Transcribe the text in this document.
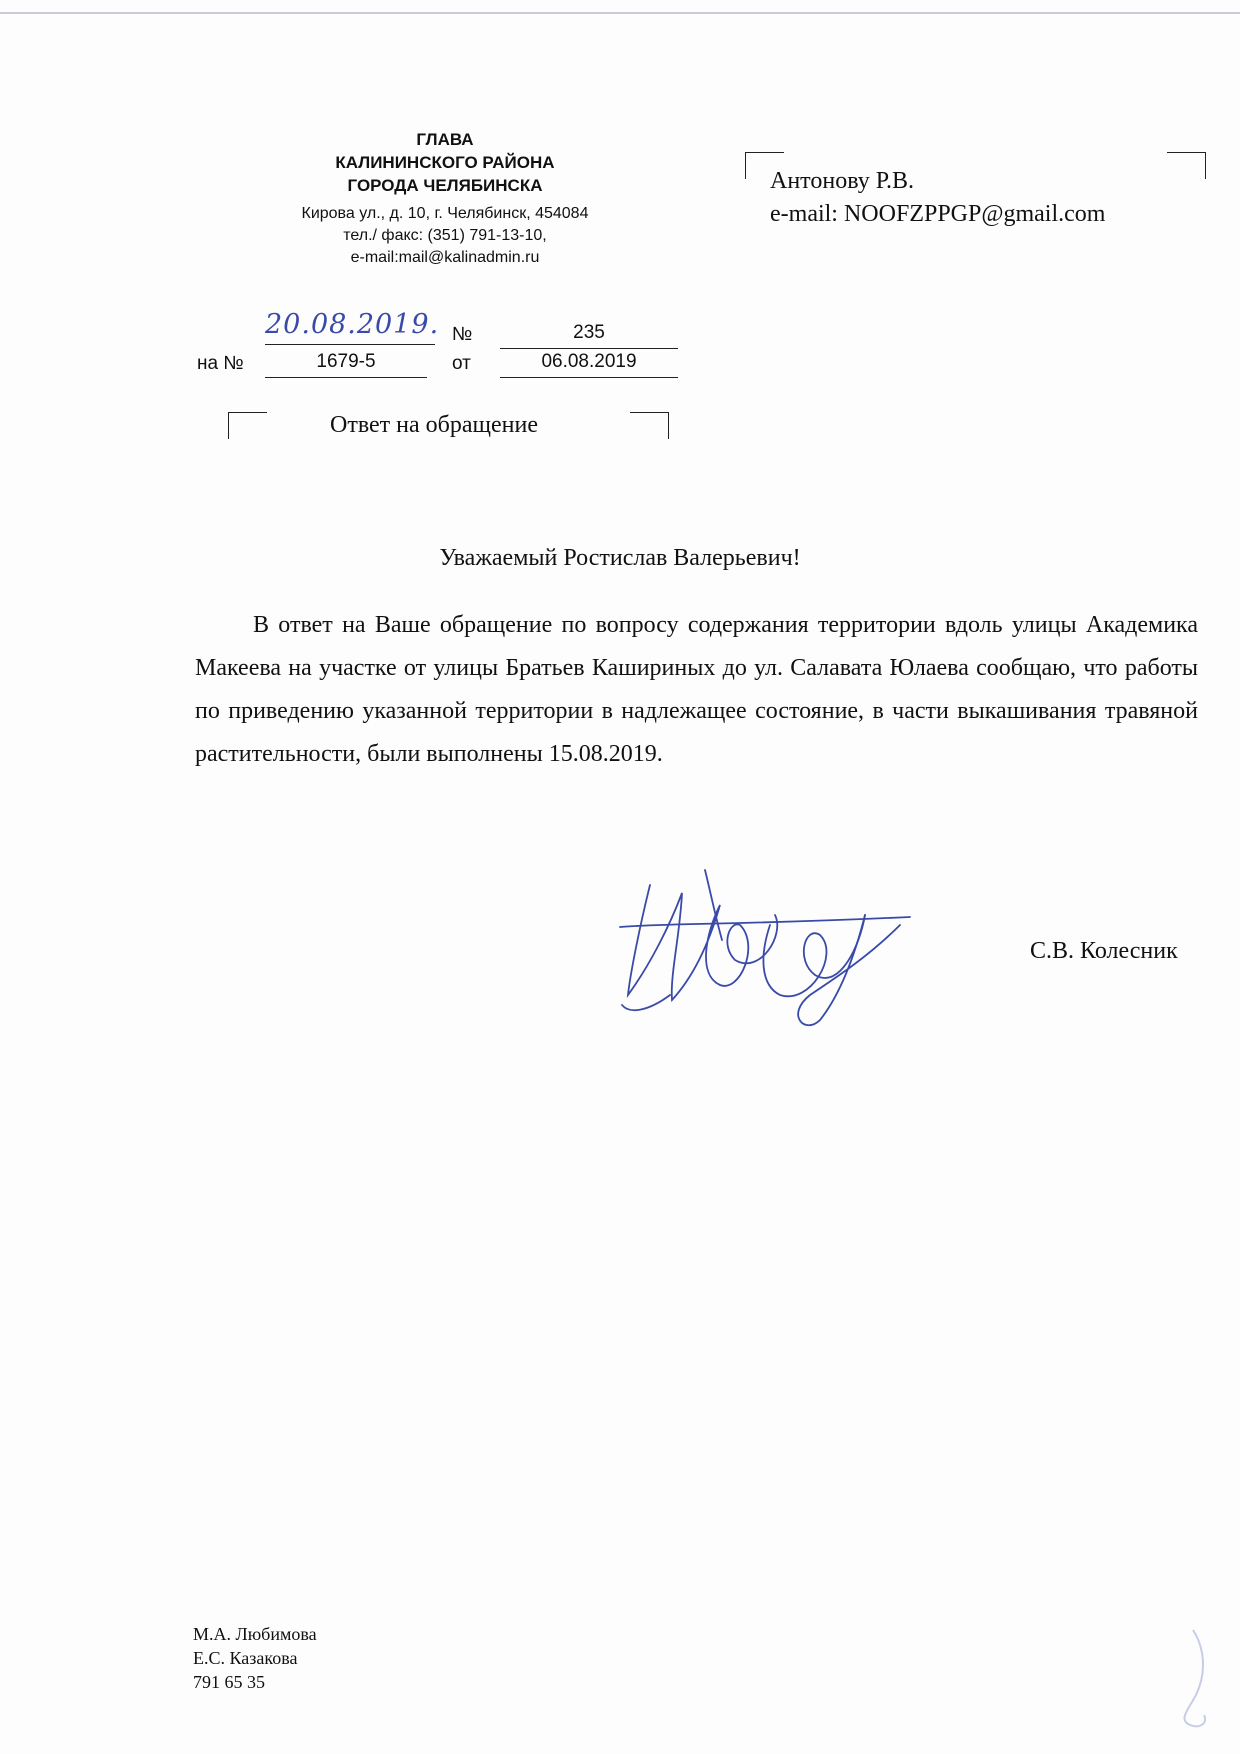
ГЛАВА
КАЛИНИНСКОГО РАЙОНА
ГОРОДА ЧЕЛЯБИНСКА
Кирова ул., д. 10, г. Челябинск, 454084
тел./ факс: (351) 791-13-10,
e-mail:mail@kalinadmin.ru
Антонову Р.В.
e-mail: NOOFZPPGP@gmail.com
20.08.2019. №	235
на №	1679-5	от	06.08.2019
Ответ на обращение
Уважаемый Ростислав Валерьевич!

В ответ на Ваше обращение по вопросу содержания территории вдоль улицы Академика Макеева на участке от улицы Братьев Кашириных до ул. Салавата Юлаева сообщаю, что работы по приведению указанной территории в надлежащее состояние, в части выкашивания травяной растительности, были выполнены 15.08.2019.

С.В. Колесник
М.А. Любимова
Е.С. Казакова
791 65 35
